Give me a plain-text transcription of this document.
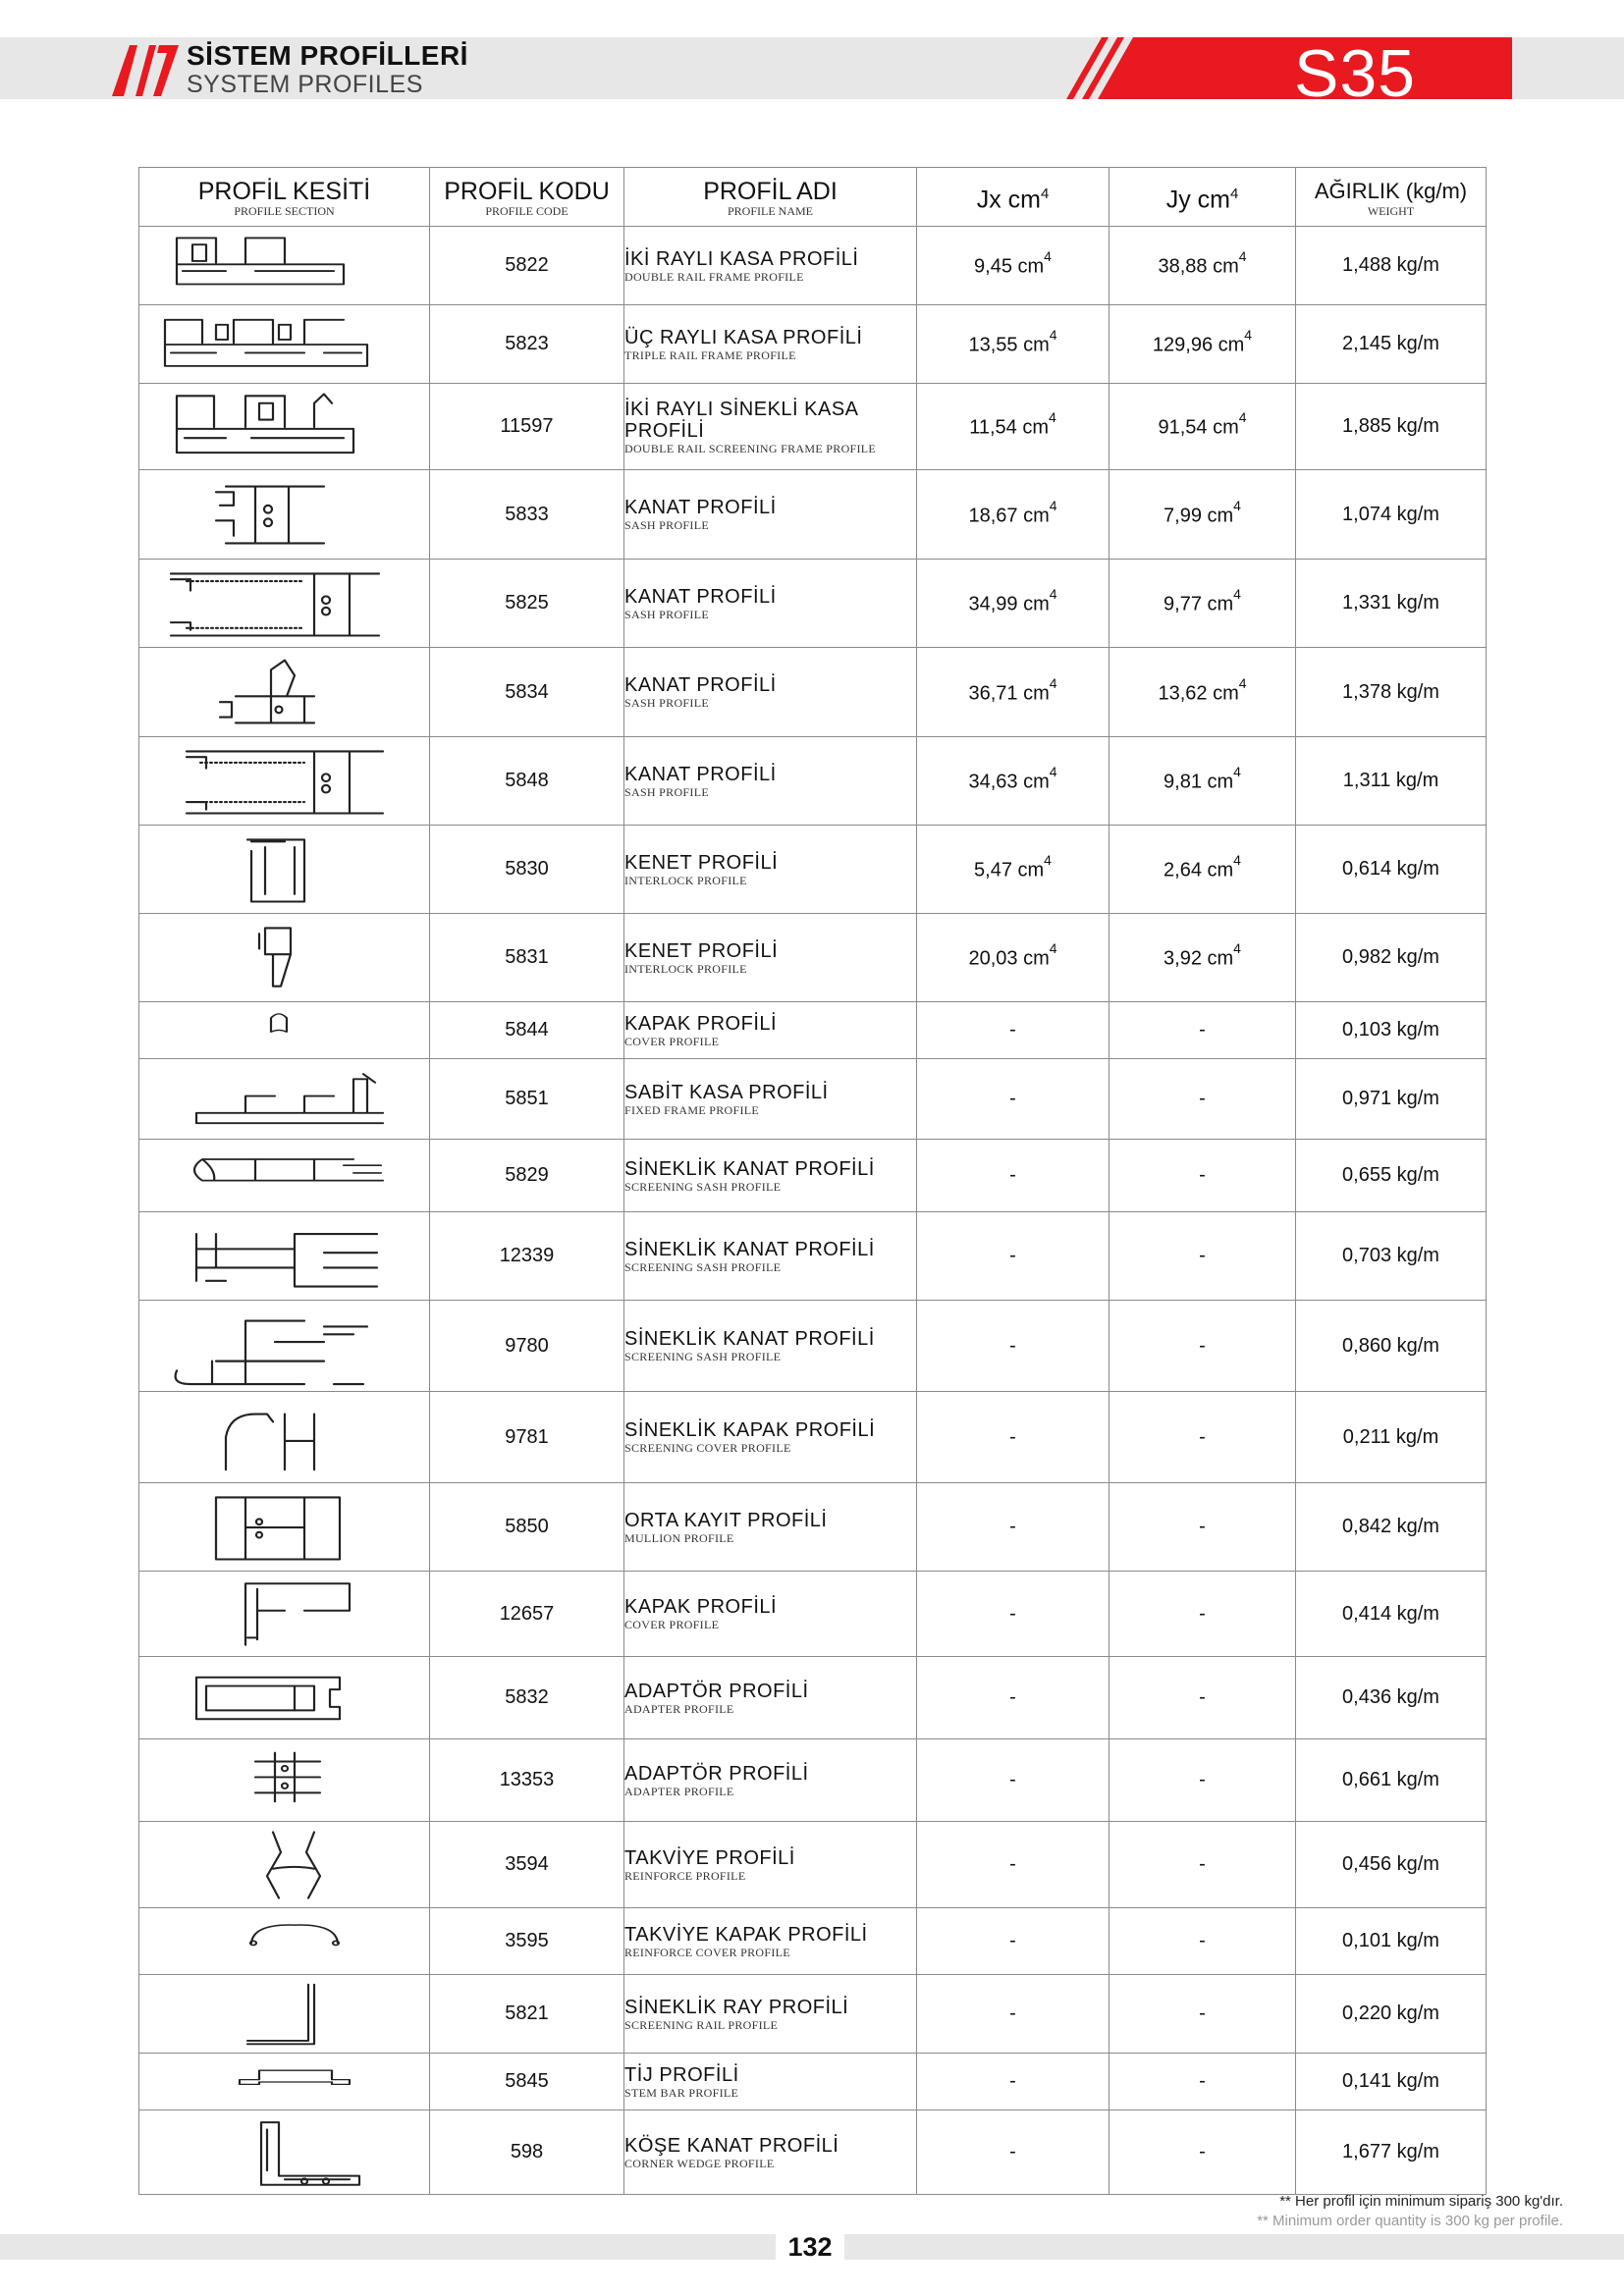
SİSTEM PROFİLLERİ
SYSTEM PROFILES	S35
PROFİL KESİTİ
PROFILE SECTION	PROFİL KODU
PROFILE CODE	PROFİL ADI
PROFILE NAME	Jx $cm^4$	Jy $cm^4$	AĞIRLIK (kg/m)
WEIGHT

	5822	İKİ RAYLI KASA PROFİLİ
DOUBLE RAIL FRAME PROFILE	9,45 $cm^4$	38,88 $cm^4$	1,488 kg/m

	5823	ÜÇ RAYLI KASA PROFİLİ
TRIPLE RAIL FRAME PROFILE	13,55 $cm^4$	129,96 $cm^4$	2,145 kg/m

	11597	İKİ RAYLI SİNEKLİ KASA PROFİLİ
DOUBLE RAIL SCREENING FRAME PROFILE	11,54 $cm^4$	91,54 $cm^4$	1,885 kg/m

	5833	KANAT PROFİLİ
SASH PROFILE	18,67 $cm^4$	7,99 $cm^4$	1,074 kg/m

	5825	KANAT PROFİLİ
SASH PROFILE	34,99 $cm^4$	9,77 $cm^4$	1,331 kg/m

	5834	KANAT PROFİLİ
SASH PROFILE	36,71 $cm^4$	13,62 $cm^4$	1,378 kg/m

	5848	KANAT PROFİLİ
SASH PROFILE	34,63 $cm^4$	9,81 $cm^4$	1,311 kg/m

	5830	KENET PROFİLİ
INTERLOCK PROFILE	5,47 $cm^4$	2,64 $cm^4$	0,614 kg/m

	5831	KENET PROFİLİ
INTERLOCK PROFILE	20,03 $cm^4$	3,92 $cm^4$	0,982 kg/m

	5844	KAPAK PROFİLİ
COVER PROFILE	-	-	0,103 kg/m

	5851	SABİT KASA PROFİLİ
FIXED FRAME PROFILE	-	-	0,971 kg/m

	5829	SİNEKLİK KANAT PROFİLİ
SCREENING SASH PROFILE	-	-	0,655 kg/m

	12339	SİNEKLİK KANAT PROFİLİ
SCREENING SASH PROFILE	-	-	0,703 kg/m

	9780	SİNEKLİK KANAT PROFİLİ
SCREENING SASH PROFILE	-	-	0,860 kg/m

	9781	SİNEKLİK KAPAK PROFİLİ
SCREENING COVER PROFILE	-	-	0,211 kg/m

	5850	ORTA KAYIT PROFİLİ
MULLION PROFILE	-	-	0,842 kg/m

	12657	KAPAK PROFİLİ
COVER PROFILE	-	-	0,414 kg/m

	5832	ADAPTÖR PROFİLİ
ADAPTER PROFILE	-	-	0,436 kg/m

	13353	ADAPTÖR PROFİLİ
ADAPTER PROFILE	-	-	0,661 kg/m

	3594	TAKVİYE PROFİLİ
REINFORCE PROFILE	-	-	0,456 kg/m

	3595	TAKVİYE KAPAK PROFİLİ
REINFORCE COVER PROFILE	-	-	0,101 kg/m

	5821	SİNEKLİK RAY PROFİLİ
SCREENING RAIL PROFILE	-	-	0,220 kg/m

	5845	TİJ PROFİLİ
STEM BAR PROFILE	-	-	0,141 kg/m

	598	KÖŞE KANAT PROFİLİ
CORNER WEDGE PROFILE	-	-	1,677 kg/m
** Her profil için minimum sipariş 300 kg'dır.
** Minimum order quantity is 300 kg per profile.
132
